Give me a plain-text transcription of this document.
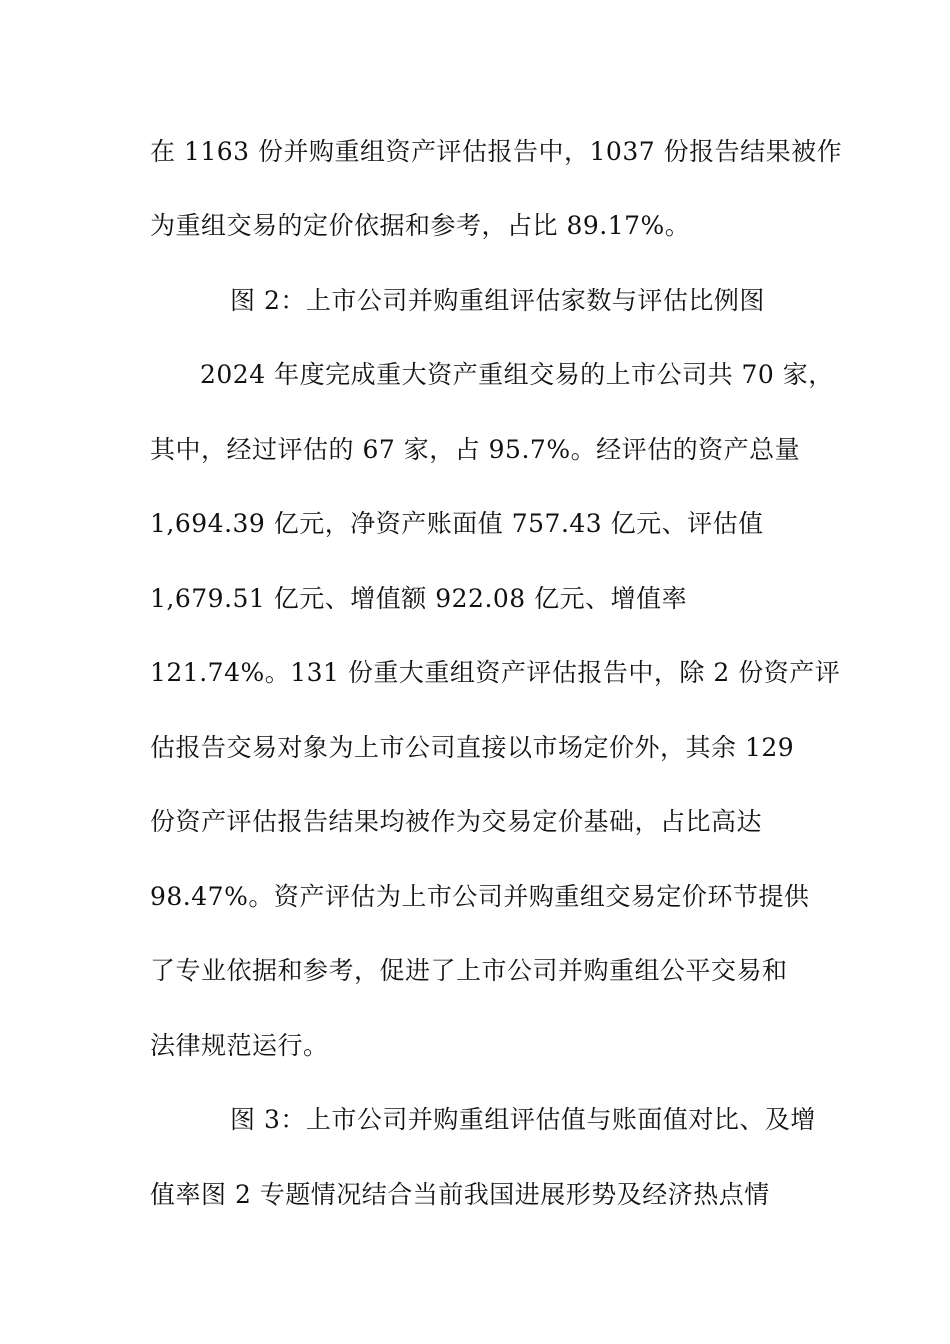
在 1163 份并购重组资产评估报告中，1037 份报告结果被作
为重组交易的定价依据和参考，占比 89.17%。
图 2：上市公司并购重组评估家数与评估比例图
2024 年度完成重大资产重组交易的上市公司共 70 家，
其中，经过评估的 67 家，占 95.7%。经评估的资产总量
1,694.39 亿元，净资产账面值 757.43 亿元、评估值
1,679.51 亿元、增值额 922.08 亿元、增值率
121.74%。131 份重大重组资产评估报告中，除 2 份资产评
估报告交易对象为上市公司直接以市场定价外，其余 129
份资产评估报告结果均被作为交易定价基础，占比高达
98.47%。资产评估为上市公司并购重组交易定价环节提供
了专业依据和参考，促进了上市公司并购重组公平交易和
法律规范运行。
图 3：上市公司并购重组评估值与账面值对比、及增
值率图 2 专题情况结合当前我国进展形势及经济热点情
